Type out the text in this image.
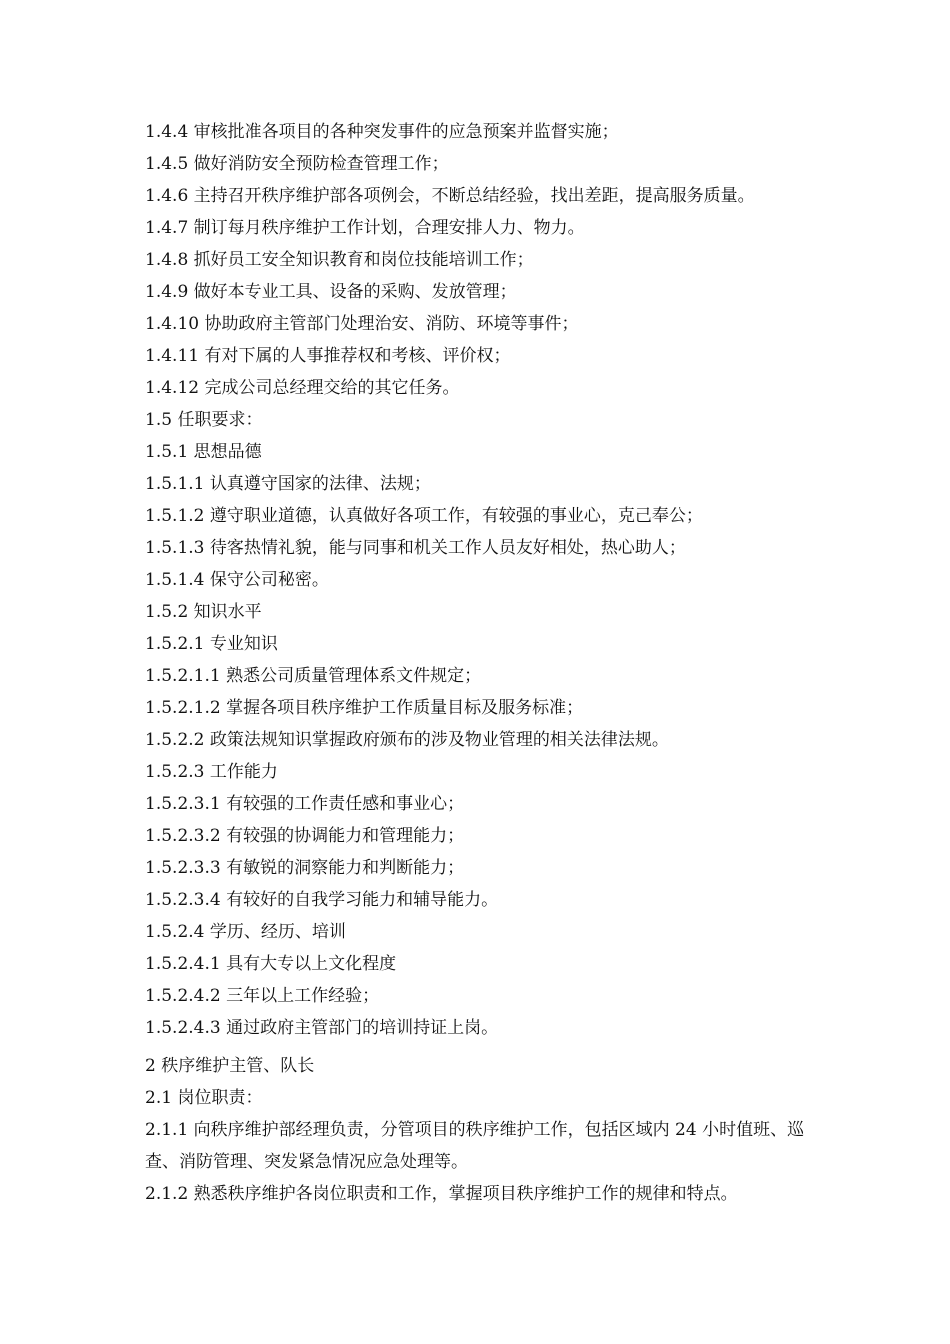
1.4.4 审核批准各项目的各种突发事件的应急预案并监督实施；
1.4.5 做好消防安全预防检查管理工作；
1.4.6 主持召开秩序维护部各项例会，不断总结经验，找出差距，提高服务质量。
1.4.7 制订每月秩序维护工作计划，合理安排人力、物力。
1.4.8 抓好员工安全知识教育和岗位技能培训工作；
1.4.9 做好本专业工具、设备的采购、发放管理；
1.4.10 协助政府主管部门处理治安、消防、环境等事件；
1.4.11 有对下属的人事推荐权和考核、评价权；
1.4.12 完成公司总经理交给的其它任务。
1.5 任职要求：
1.5.1 思想品德
1.5.1.1 认真遵守国家的法律、法规；
1.5.1.2 遵守职业道德，认真做好各项工作，有较强的事业心，克己奉公；
1.5.1.3 待客热情礼貌，能与同事和机关工作人员友好相处，热心助人；
1.5.1.4 保守公司秘密。
1.5.2 知识水平
1.5.2.1 专业知识
1.5.2.1.1 熟悉公司质量管理体系文件规定；
1.5.2.1.2 掌握各项目秩序维护工作质量目标及服务标准；
1.5.2.2 政策法规知识掌握政府颁布的涉及物业管理的相关法律法规。
1.5.2.3 工作能力
1.5.2.3.1 有较强的工作责任感和事业心；
1.5.2.3.2 有较强的协调能力和管理能力；
1.5.2.3.3 有敏锐的洞察能力和判断能力；
1.5.2.3.4 有较好的自我学习能力和辅导能力。
1.5.2.4 学历、经历、培训
1.5.2.4.1 具有大专以上文化程度
1.5.2.4.2 三年以上工作经验；
1.5.2.4.3 通过政府主管部门的培训持证上岗。
2 秩序维护主管、队长
2.1 岗位职责：
2.1.1 向秩序维护部经理负责，分管项目的秩序维护工作，包括区域内 24 小时值班、巡查、消防管理、突发紧急情况应急处理等。
2.1.2 熟悉秩序维护各岗位职责和工作，掌握项目秩序维护工作的规律和特点。
